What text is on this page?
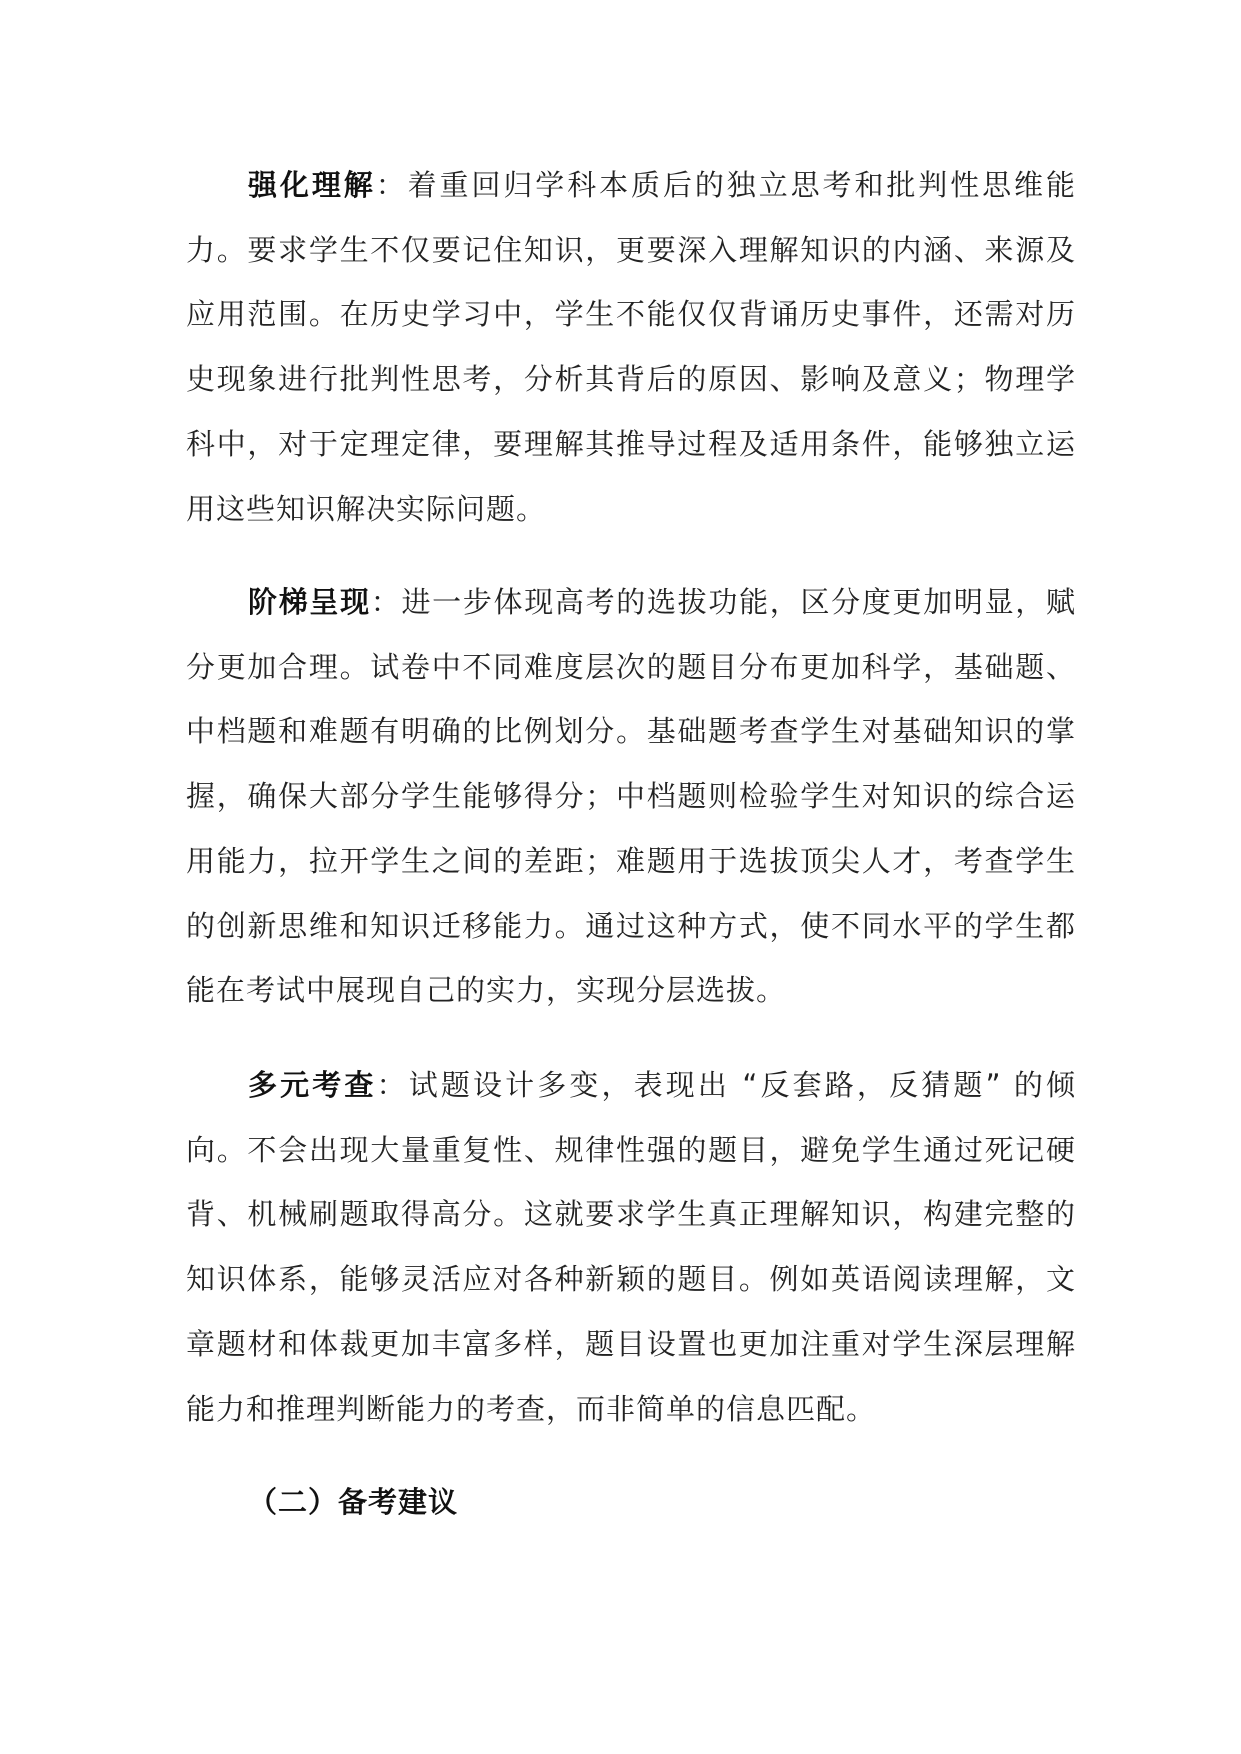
强化理解：着重回归学科本质后的独立思考和批判性思维能力。要求学生不仅要记住知识，更要深入理解知识的内涵、来源及应用范围。在历史学习中，学生不能仅仅背诵历史事件，还需对历史现象进行批判性思考，分析其背后的原因、影响及意义；物理学科中，对于定理定律，要理解其推导过程及适用条件，能够独立运用这些知识解决实际问题。

阶梯呈现：进一步体现高考的选拔功能，区分度更加明显，赋分更加合理。试卷中不同难度层次的题目分布更加科学，基础题、中档题和难题有明确的比例划分。基础题考查学生对基础知识的掌握，确保大部分学生能够得分；中档题则检验学生对知识的综合运用能力，拉开学生之间的差距；难题用于选拔顶尖人才，考查学生的创新思维和知识迁移能力。通过这种方式，使不同水平的学生都能在考试中展现自己的实力，实现分层选拔。

多元考查：试题设计多变，表现出 “反套路，反猜题” 的倾向。不会出现大量重复性、规律性强的题目，避免学生通过死记硬背、机械刷题取得高分。这就要求学生真正理解知识，构建完整的知识体系，能够灵活应对各种新颖的题目。例如英语阅读理解，文章题材和体裁更加丰富多样，题目设置也更加注重对学生深层理解能力和推理判断能力的考查，而非简单的信息匹配。

（二）备考建议
